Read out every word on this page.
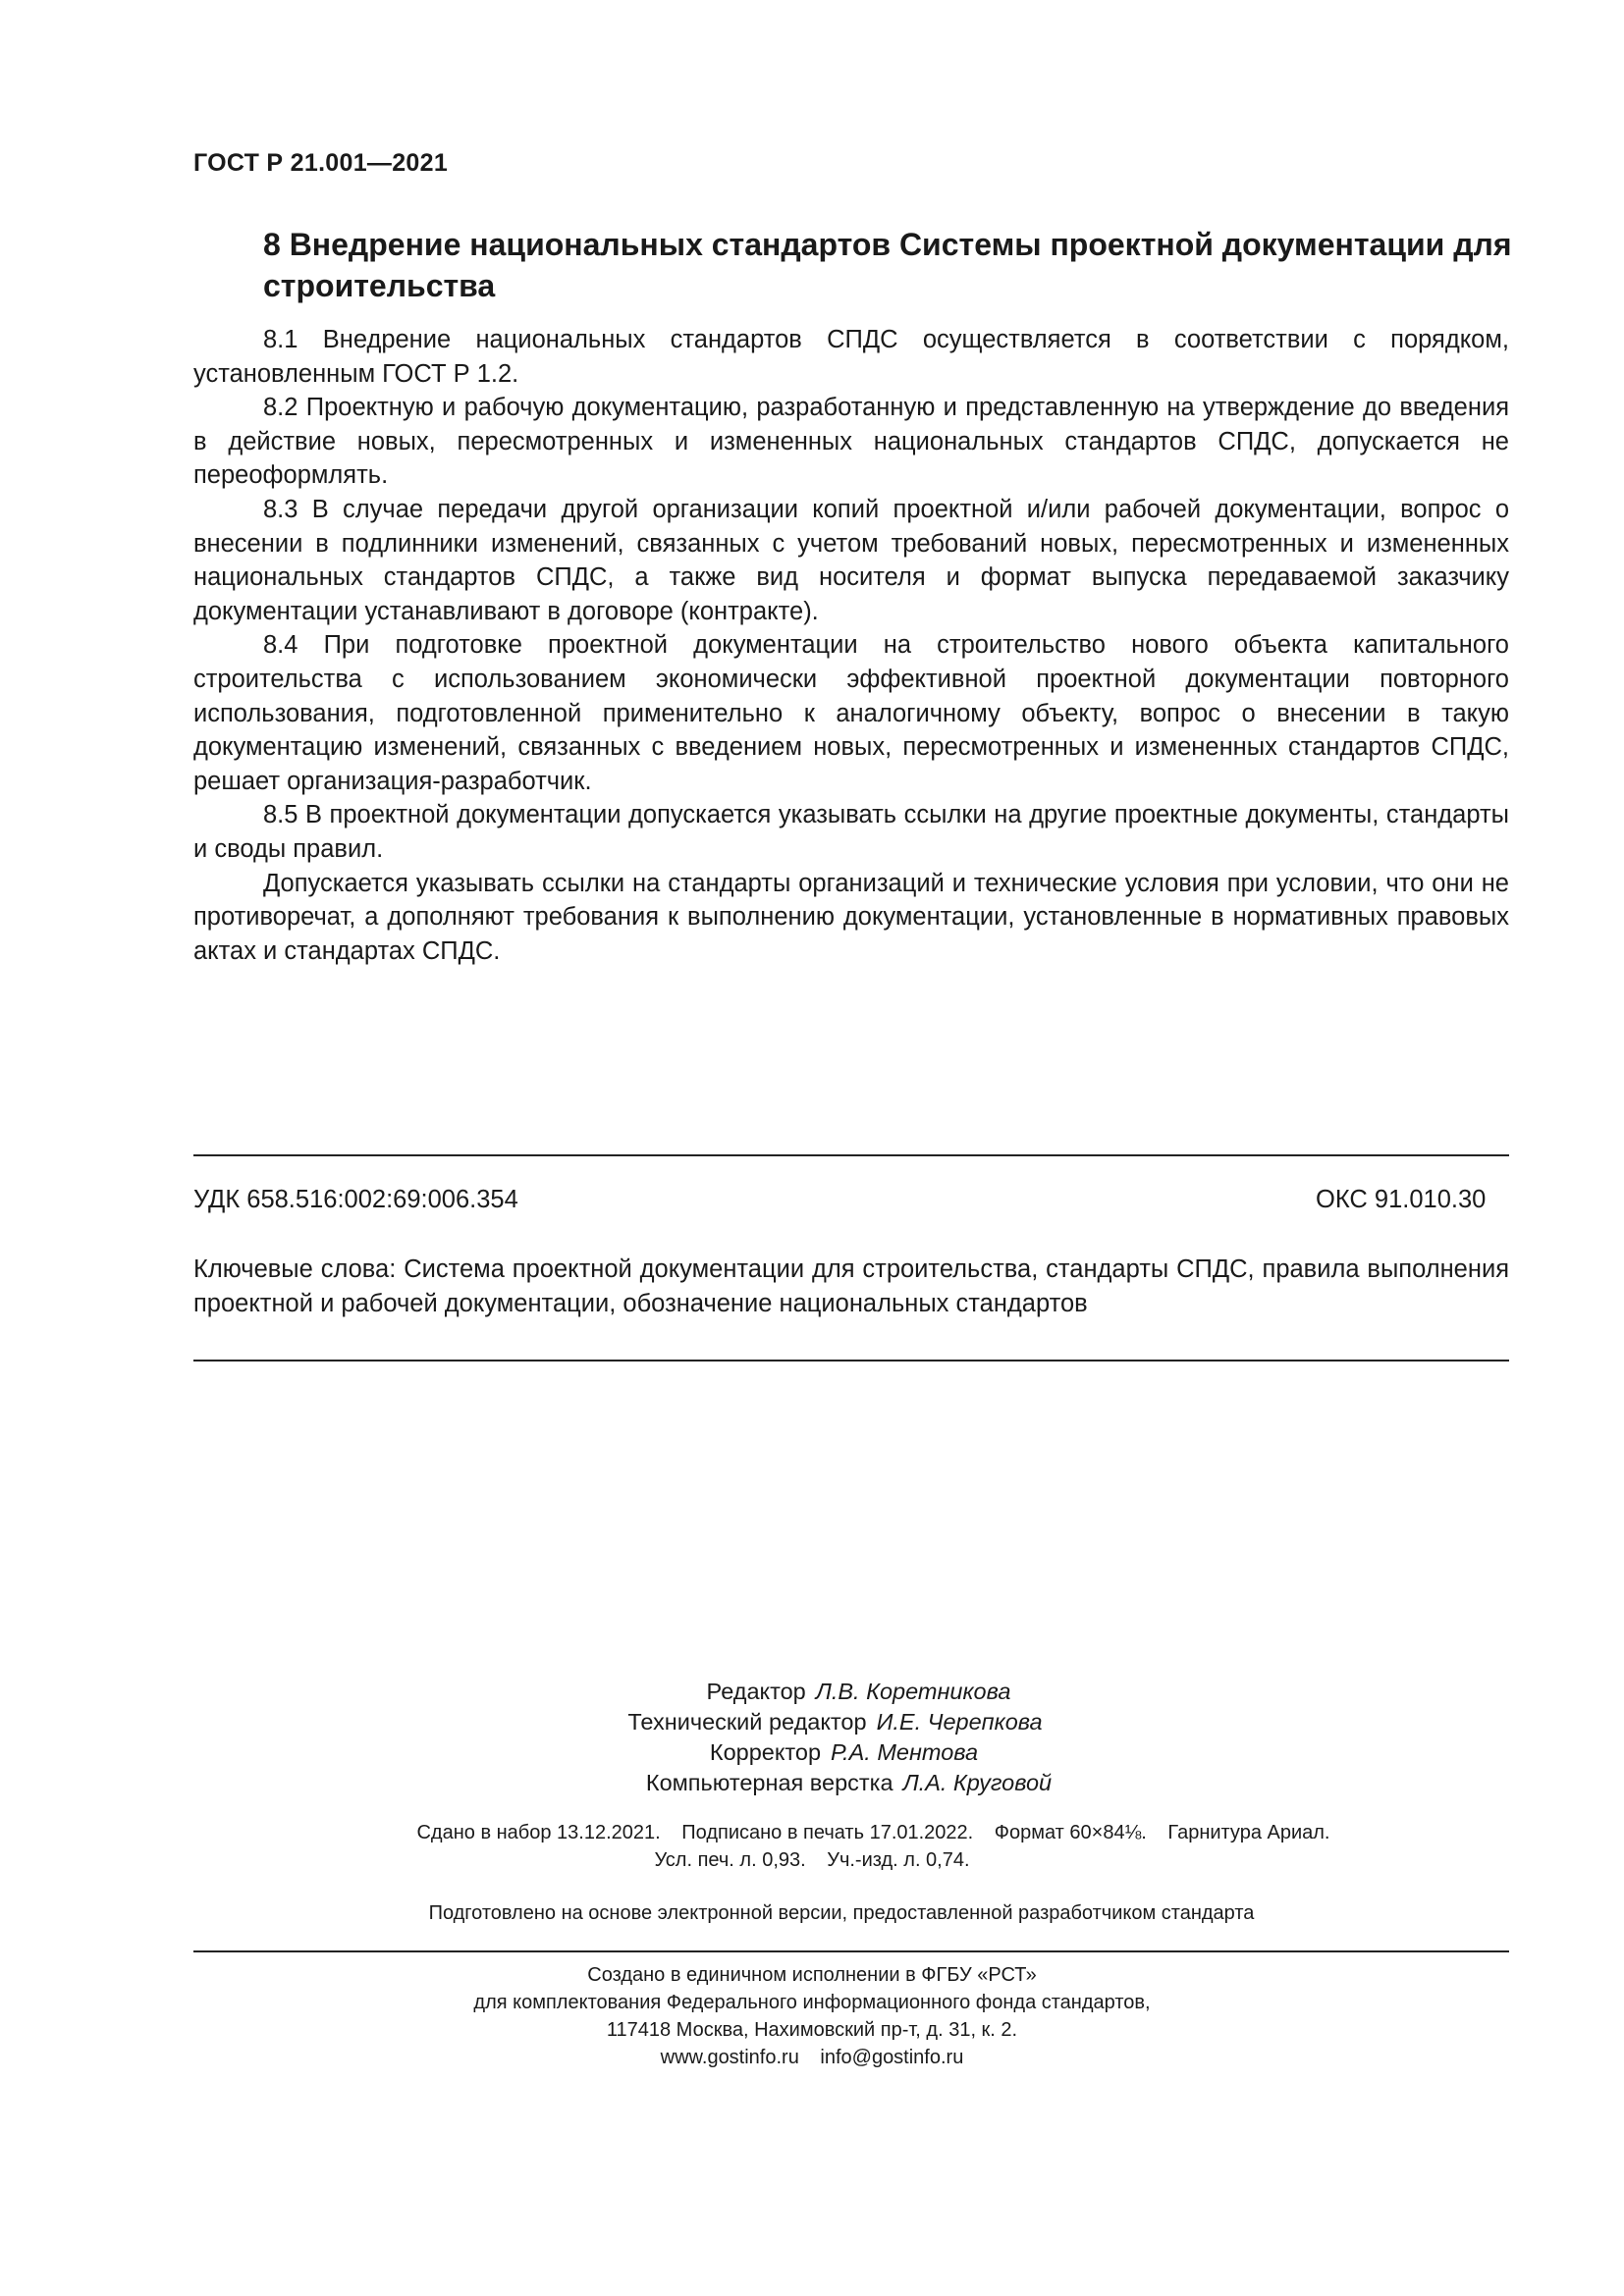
ГОСТ Р 21.001—2021
8 Внедрение национальных стандартов Системы проектной документации для строительства

8.1 Внедрение национальных стандартов СПДС осуществляется в соответствии с порядком, установленным ГОСТ Р 1.2.

8.2 Проектную и рабочую документацию, разработанную и представленную на утверждение до введения в действие новых, пересмотренных и измененных национальных стандартов СПДС, допускается не переоформлять.

8.3 В случае передачи другой организации копий проектной и/или рабочей документации, вопрос о внесении в подлинники изменений, связанных с учетом требований новых, пересмотренных и измененных национальных стандартов СПДС, а также вид носителя и формат выпуска передаваемой заказчику документации устанавливают в договоре (контракте).

8.4 При подготовке проектной документации на строительство нового объекта капитального строительства с использованием экономически эффективной проектной документации повторного использования, подготовленной применительно к аналогичному объекту, вопрос о внесении в такую документацию изменений, связанных с введением новых, пересмотренных и измененных стандартов СПДС, решает организация-разработчик.

8.5 В проектной документации допускается указывать ссылки на другие проектные документы, стандарты и своды правил.

Допускается указывать ссылки на стандарты организаций и технические условия при условии, что они не противоречат, а дополняют требования к выполнению документации, установленные в нормативных правовых актах и стандартах СПДС.

УДК 658.516:002:69:006.354	ОКС 91.010.30
Ключевые слова: Система проектной документации для строительства, стандарты СПДС, правила выполнения проектной и рабочей документации, обозначение национальных стандартов
Редактор Л.В. Коретникова
Технический редактор И.Е. Черепкова
Корректор Р.А. Ментова
Компьютерная верстка Л.А. Круговой
Сдано в набор 13.12.2021. Подписано в печать 17.01.2022. Формат 60×84⅛. Гарнитура Ариал.
Усл. печ. л. 0,93. Уч.-изд. л. 0,74.
Подготовлено на основе электронной версии, предоставленной разработчиком стандарта
Создано в единичном исполнении в ФГБУ «РСТ»
для комплектования Федерального информационного фонда стандартов,
117418 Москва, Нахимовский пр-т, д. 31, к. 2.
www.gostinfo.ru info@gostinfo.ru
